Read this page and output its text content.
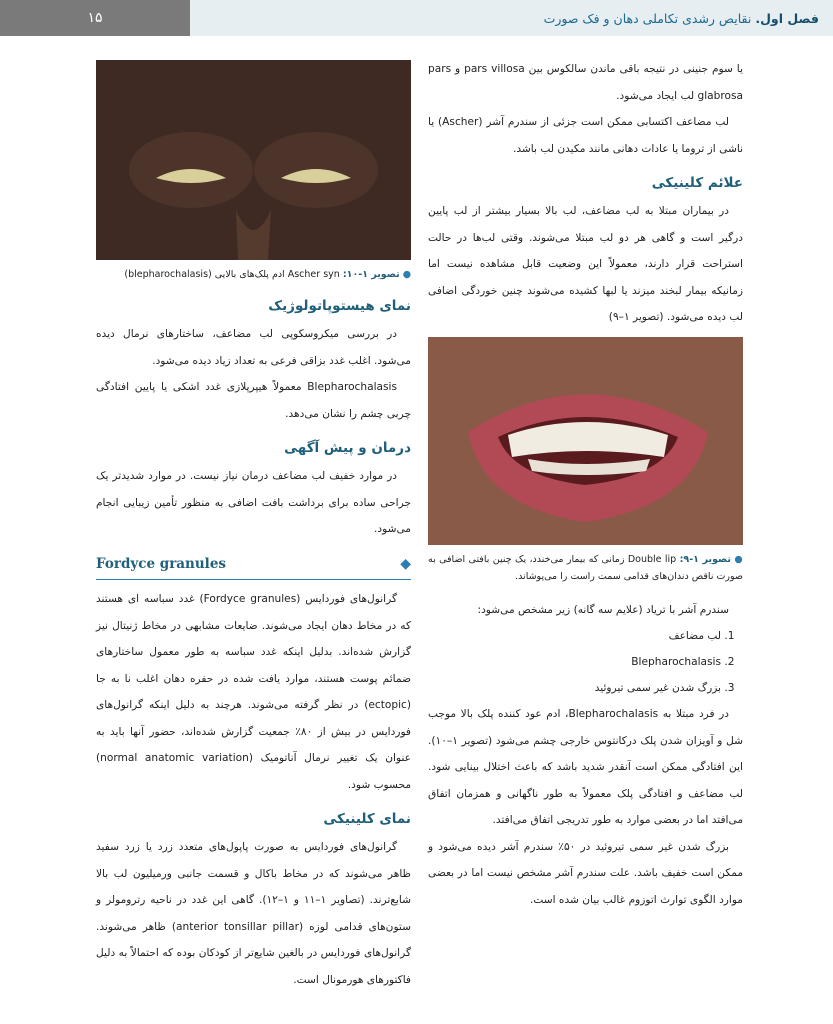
۱۵	فصل اول.
نقایص رشدی تکاملی دهان و فک صورت

یا سوم جنینی در نتیجه باقی ماندن سالکوس بین pars villosa و pars glabrosa لب ایجاد می‌شود.

لب مضاعف اکتسابی ممکن است جزئی از سندرم آشر (Ascher) یا ناشی از تروما یا عادات دهانی مانند مکیدن لب باشد.

علائم کلینیکی

در بیماران مبتلا به لب مضاعف، لب بالا بسیار بیشتر از لب پایین درگیر است و گاهی هر دو لب مبتلا می‌شوند. وقتی لب‌ها در حالت استراحت قرار دارند، معمولاً این وضعیت قابل مشاهده نیست اما زمانیکه بیمار لبخند میزند یا لبها کشیده می‌شوند چنین خوردگی اضافی لب دیده می‌شود. (تصویر ۱–۹)

● تصویر ۱-۹: Double lip زمانی که بیمار می‌خندد، یک چنین بافتی اضافی به صورت ناقص دندان‌های قدامی سمت راست را می‌پوشاند.

سندرم آشر با تریاد (علایم سه گانه) زیر مشخص می‌شود:

1. لب مضاعف
2. Blepharochalasis
3. بزرگ شدن غیر سمی تیروئید

در فرد مبتلا به Blepharochalasis، ادم عود کننده پلک بالا موجب شل و آویزان شدن پلک درکانتوس خارجی چشم می‌شود (تصویر ۱–۱۰). این افتادگی ممکن است آنقدر شدید باشد که باعث اختلال بینایی شود. لب مضاعف و افتادگی پلک معمولاً به طور ناگهانی و همزمان اتفاق می‌افتد اما در بعضی موارد به طور تدریجی اتفاق می‌افتد.

بزرگ شدن غیر سمی تیروئید در ۵۰٪ سندرم آشر دیده می‌شود و ممکن است خفیف باشد. علت سندرم آشر مشخص نیست اما در بعضی موارد الگوی توارث اتوزوم غالب بیان شده است.

● تصویر ۱-۱۰: Ascher syn ادم پلک‌های بالایی (blepharochalasis)
نمای هیستوپاتولوژیک

در بررسی میکروسکوپی لب مضاعف، ساختارهای نرمال دیده می‌شود. اغلب غدد بزاقی فرعی به تعداد زیاد دیده می‌شود.

Blepharochalasis معمولاً هیپرپلازی غدد اشکی یا پایین افتادگی چربی چشم را نشان می‌دهد.

درمان و پیش آگهی

در موارد خفیف لب مضاعف درمان نیاز نیست. در موارد شدیدتر یک جراحی ساده برای برداشت بافت اضافی به منظور تأمین زیبایی انجام می‌شود.

Fordyce granules	◆

گرانول‌های فوردایس (Fordyce granules) غدد سباسه ای هستند که در مخاط دهان ایجاد می‌شوند. ضایعات مشابهی در مخاط ژنیتال نیز گزارش شده‌اند. بدلیل اینکه غدد سباسه به طور معمول ساختارهای ضمائم پوست هستند، موارد یافت شده در حفره دهان اغلب نا به جا (ectopic) در نظر گرفته می‌شوند. هرچند به دلیل اینکه گرانول‌های فوردایس در بیش از ۸۰٪ جمعیت گزارش شده‌اند، حضور آنها باید به عنوان یک تغییر نرمال آناتومیک (normal anatomic variation) محسوب شود.

نمای کلینیکی

گرانول‌های فوردایس به صورت پاپول‌های متعدد زرد یا زرد سفید ظاهر می‌شوند که در مخاط باکال و قسمت جانبی ورمیلیون لب بالا شایع‌ترند. (تصاویر ۱–۱۱ و ۱–۱۲). گاهی این غدد در ناحیه رترومولر و ستون‌های قدامی لوزه (anterior tonsillar pillar) ظاهر می‌شوند. گرانول‌های فوردایس در بالغین شایع‌تر از کودکان بوده که احتمالاً به دلیل فاکتورهای هورمونال است.
